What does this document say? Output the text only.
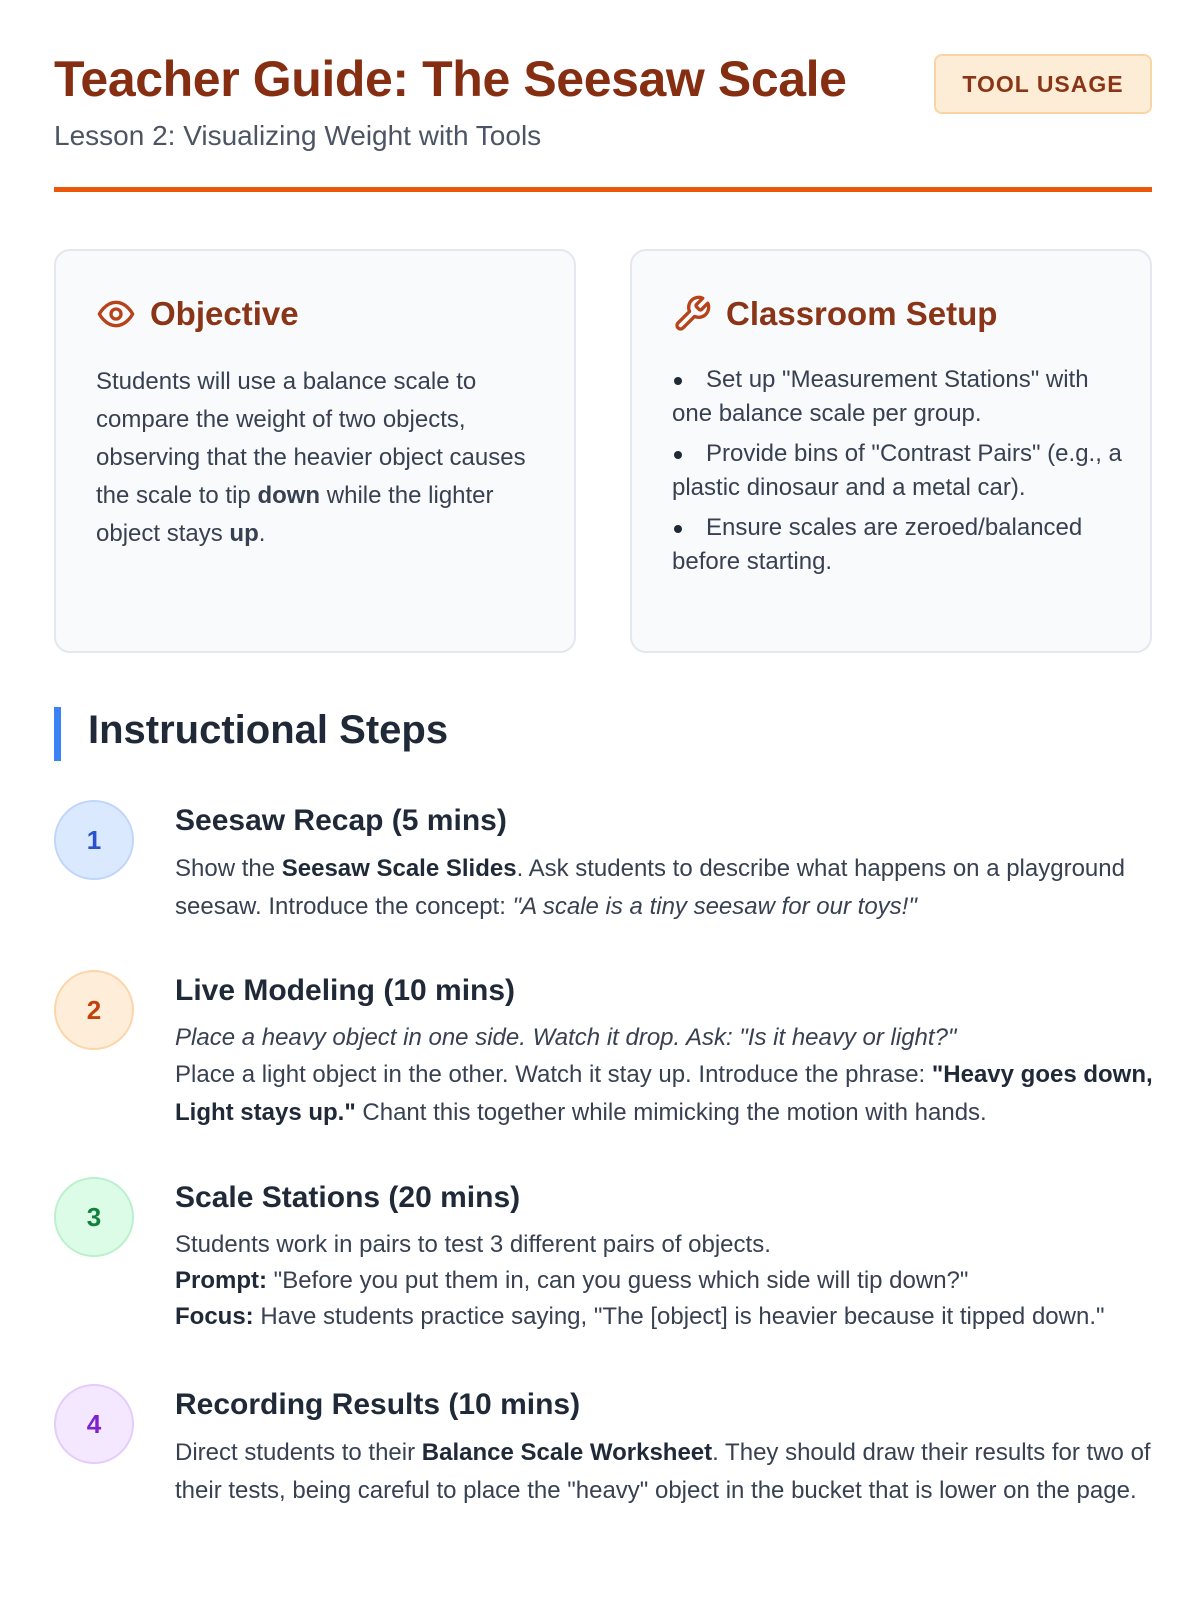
Teacher Guide: The Seesaw Scale
Lesson 2: Visualizing Weight with Tools
TOOL USAGE
Objective
Students will use a balance scale to compare the weight of two objects, observing that the heavier object causes the scale to tip down while the lighter object stays up.
Classroom Setup
Set up "Measurement Stations" with one balance scale per group.
Provide bins of "Contrast Pairs" (e.g., a plastic dinosaur and a metal car).
Ensure scales are zeroed/balanced before starting.
Instructional Steps
1
Seesaw Recap (5 mins)
Show the Seesaw Scale Slides. Ask students to describe what happens on a playground seesaw. Introduce the concept: "A scale is a tiny seesaw for our toys!"
2
Live Modeling (10 mins)
Place a heavy object in one side. Watch it drop. Ask: "Is it heavy or light?"
Place a light object in the other. Watch it stay up. Introduce the phrase: "Heavy goes down, Light stays up." Chant this together while mimicking the motion with hands.
3
Scale Stations (20 mins)
Students work in pairs to test 3 different pairs of objects.
Prompt: "Before you put them in, can you guess which side will tip down?"
Focus: Have students practice saying, "The [object] is heavier because it tipped down."
4
Recording Results (10 mins)
Direct students to their Balance Scale Worksheet. They should draw their results for two of their tests, being careful to place the "heavy" object in the bucket that is lower on the page.
